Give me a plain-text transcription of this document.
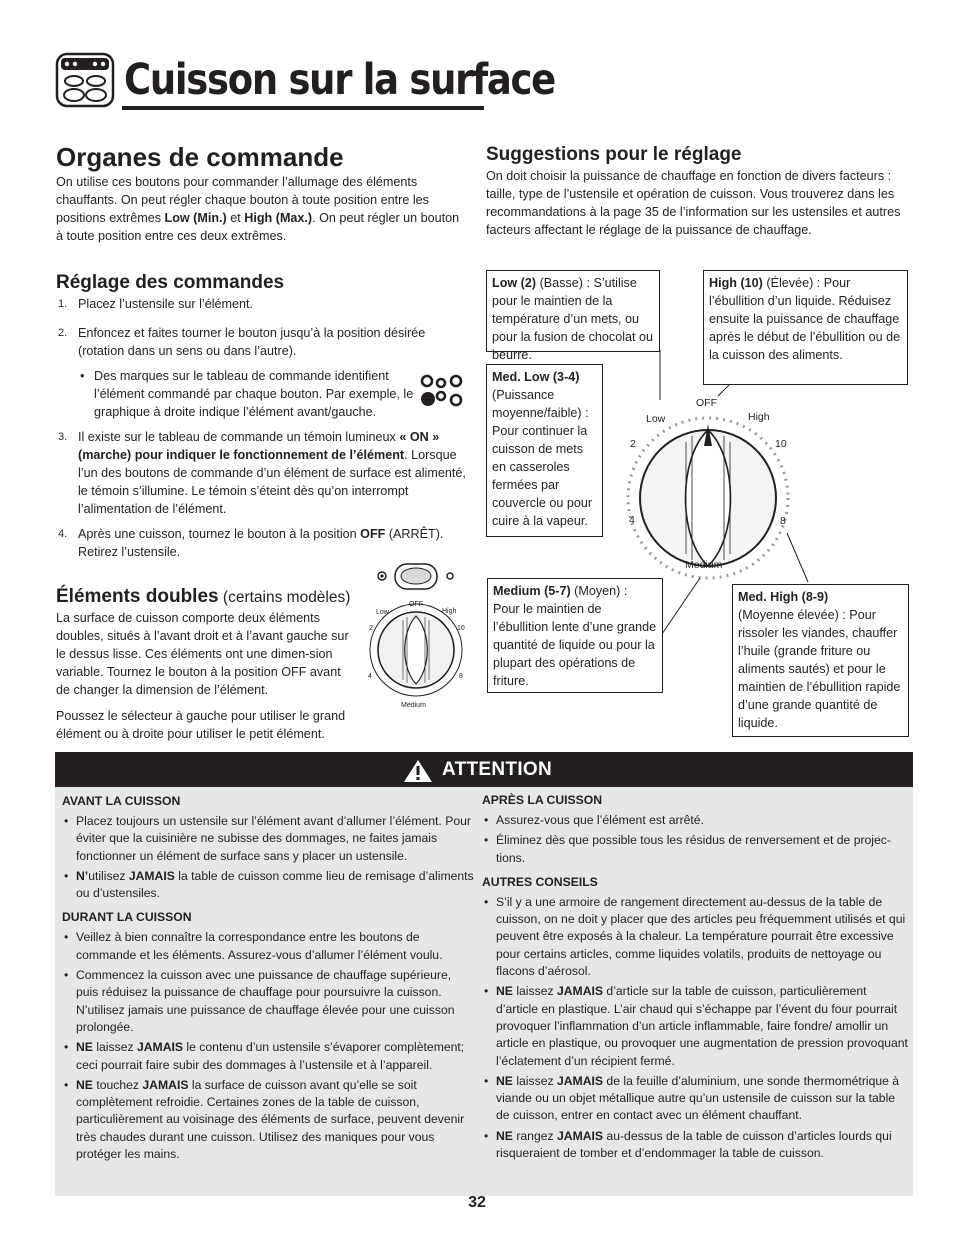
Cuisson sur la surface
Organes de commande

On utilise ces boutons pour commander l’allumage des éléments chauffants. On peut régler chaque bouton à toute position entre les positions extrêmes Low (Min.) et High (Max.). On peut régler un bouton à toute position entre ces deux extrêmes.

Réglage des commandes
1. Placez l’ustensile sur l’élément.
2. Enfoncez et faites tourner le bouton jusqu’à la position désirée (rotation dans un sens ou dans l’autre).
• Des marques sur le tableau de commande identifient l’élément commandé par chaque bouton. Par exemple, le graphique à droite indique l’élément avant/gauche.
3. Il existe sur le tableau de commande un témoin lumineux « ON » (marche) pour indiquer le fonctionnement de l’élément. Lorsque l’un des boutons de commande d’un élément de surface est alimenté, le témoin s’illumine. Le témoin s’éteint dès qu’on interrompt l’alimentation de l’élément.
4. Après une cuisson, tournez le bouton à la position OFF (ARRÊT). Retirez l’ustensile.
Éléments doubles (certains modèles)

La surface de cuisson comporte deux éléments doubles, situés à l’avant droit et à l’avant gauche sur le dessus lisse. Ces éléments ont une dimen-sion variable. Tournez le bouton à la position OFF avant de changer la dimension de l’élément.

Poussez le sélecteur à gauche pour utiliser le grand élément ou à droite pour utiliser le petit élément.

OFF
Low	High
2	10
4	8
Medium
Suggestions pour le réglage

On doit choisir la puissance de chauffage en fonction de divers facteurs : taille, type de l’ustensile et opération de cuisson. Vous trouverez dans les recommandations à la page 35 de l’information sur les ustensiles et autres facteurs affectant le réglage de la puissance de chauffage.

OFF
Low	High
2	10
4	8
Medium
Low (2) (Basse) : S’utilise pour le maintien de la température d’un mets, ou pour la fusion de chocolat ou beurre.
High (10) (Élevée) : Pour l’ébullition d’un liquide. Réduisez ensuite la puissance de chauffage après le début de l’ébullition ou de la cuisson des aliments.
Med. Low (3-4)
(Puissance moyenne/faible) : Pour continuer la cuisson de mets en casseroles fermées par couvercle ou pour cuire à la vapeur.
Medium (5-7) (Moyen) : Pour le maintien de l’ébullition lente d’une grande quantité de liquide ou pour la plupart des opérations de friture.
Med. High (8-9)
(Moyenne élevée) : Pour rissoler les viandes, chauffer l’huile (grande friture ou aliments sautés) et pour le maintien de l’ébullition rapide d’une grande quantité de liquide.
ATTENTION
AVANT LA CUISSON
• Placez toujours un ustensile sur l’élément avant d’allumer l’élément. Pour éviter que la cuisinière ne subisse des dommages, ne faites jamais fonctionner un élément de surface sans y placer un ustensile.
• N’utilisez JAMAIS la table de cuisson comme lieu de remisage d’aliments ou d’ustensiles.
DURANT LA CUISSON
• Veillez à bien connaître la correspondance entre les boutons de commande et les éléments. Assurez-vous d’allumer l’élément voulu.
• Commencez la cuisson avec une puissance de chauffage supérieure, puis réduisez la puissance de chauffage pour poursuivre la cuisson. N’utilisez jamais une puissance de chauffage élevée pour une cuisson prolongée.
• NE laissez JAMAIS le contenu d’un ustensile s’évaporer complètement; ceci pourrait faire subir des dommages à l’ustensile et à l’appareil.
• NE touchez JAMAIS la surface de cuisson avant qu’elle se soit complètement refroidie. Certaines zones de la table de cuisson, particulièrement au voisinage des éléments de surface, peuvent devenir très chaudes durant une cuisson. Utilisez des maniques pour vous protéger les mains.
APRÈS LA CUISSON
• Assurez-vous que l’élément est arrêté.
• Éliminez dès que possible tous les résidus de renversement et de projec-tions.
AUTRES CONSEILS
• S’il y a une armoire de rangement directement au-dessus de la table de cuisson, on ne doit y placer que des articles peu fréquemment utilisés et qui peuvent être exposés à la chaleur. La température pourrait être excessive pour certains articles, comme liquides volatils, produits de nettoyage ou flacons d’aérosol.
• NE laissez JAMAIS d’article sur la table de cuisson, particulièrement d’article en plastique. L’air chaud qui s’échappe par l’évent du four pourrait provoquer l’inflammation d’un article inflammable, faire fondre/ amollir un article en plastique, ou provoquer une augmentation de pression provoquant l’éclatement d’un récipient fermé.
• NE laissez JAMAIS de la feuille d’aluminium, une sonde thermométrique à viande ou un objet métallique autre qu’un ustensile de cuisson sur la table de cuisson, entrer en contact avec un élément chauffant.
• NE rangez JAMAIS au-dessus de la table de cuisson d’articles lourds qui risqueraient de tomber et d’endommager la table de cuisson.
32
